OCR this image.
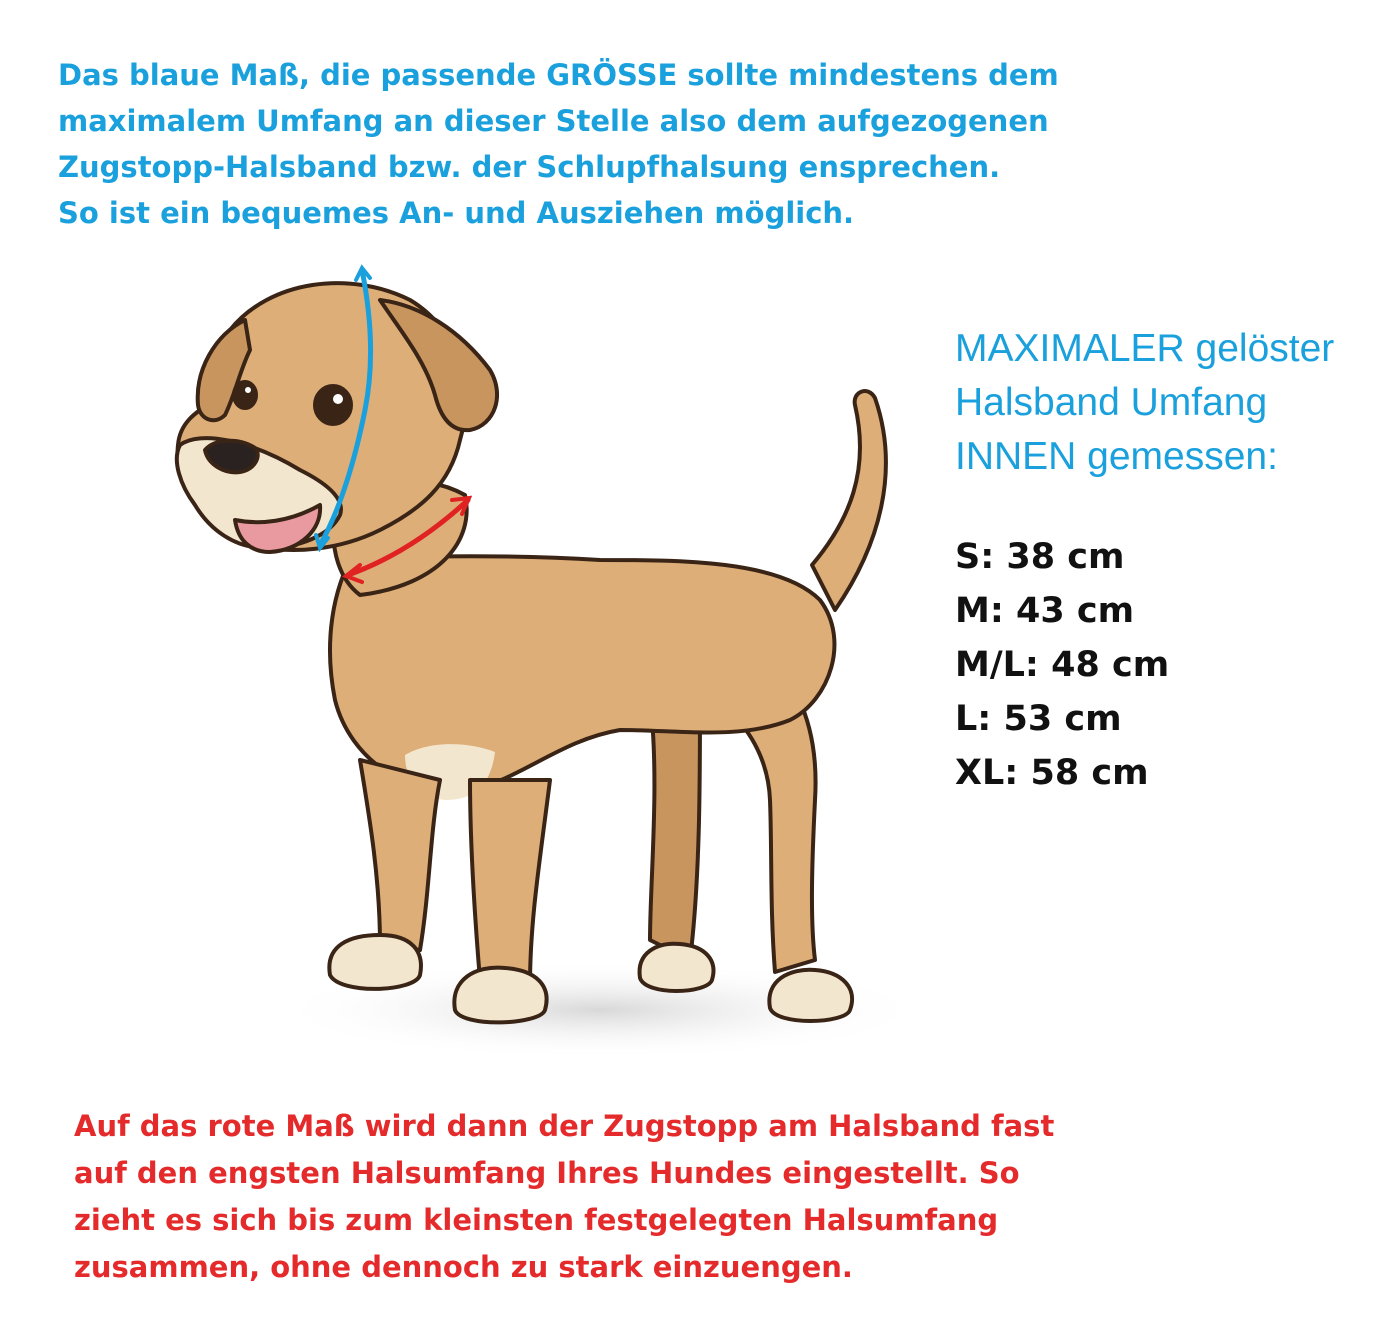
Das blaue Maß, die passende GRÖSSE sollte mindestens dem
maximalem Umfang an dieser Stelle also dem aufgezogenen
Zugstopp-Halsband bzw. der Schlupfhalsung ensprechen.
So ist ein bequemes An- und Ausziehen möglich.
MAXIMALER gelöster
Halsband Umfang
INNEN gemessen:
S: 38 cm
M: 43 cm
M/L: 48 cm
L: 53 cm
XL: 58 cm
Auf das rote Maß wird dann der Zugstopp am Halsband fast
auf den engsten Halsumfang Ihres Hundes eingestellt. So
zieht es sich bis zum kleinsten festgelegten Halsumfang
zusammen, ohne dennoch zu stark einzuengen.
